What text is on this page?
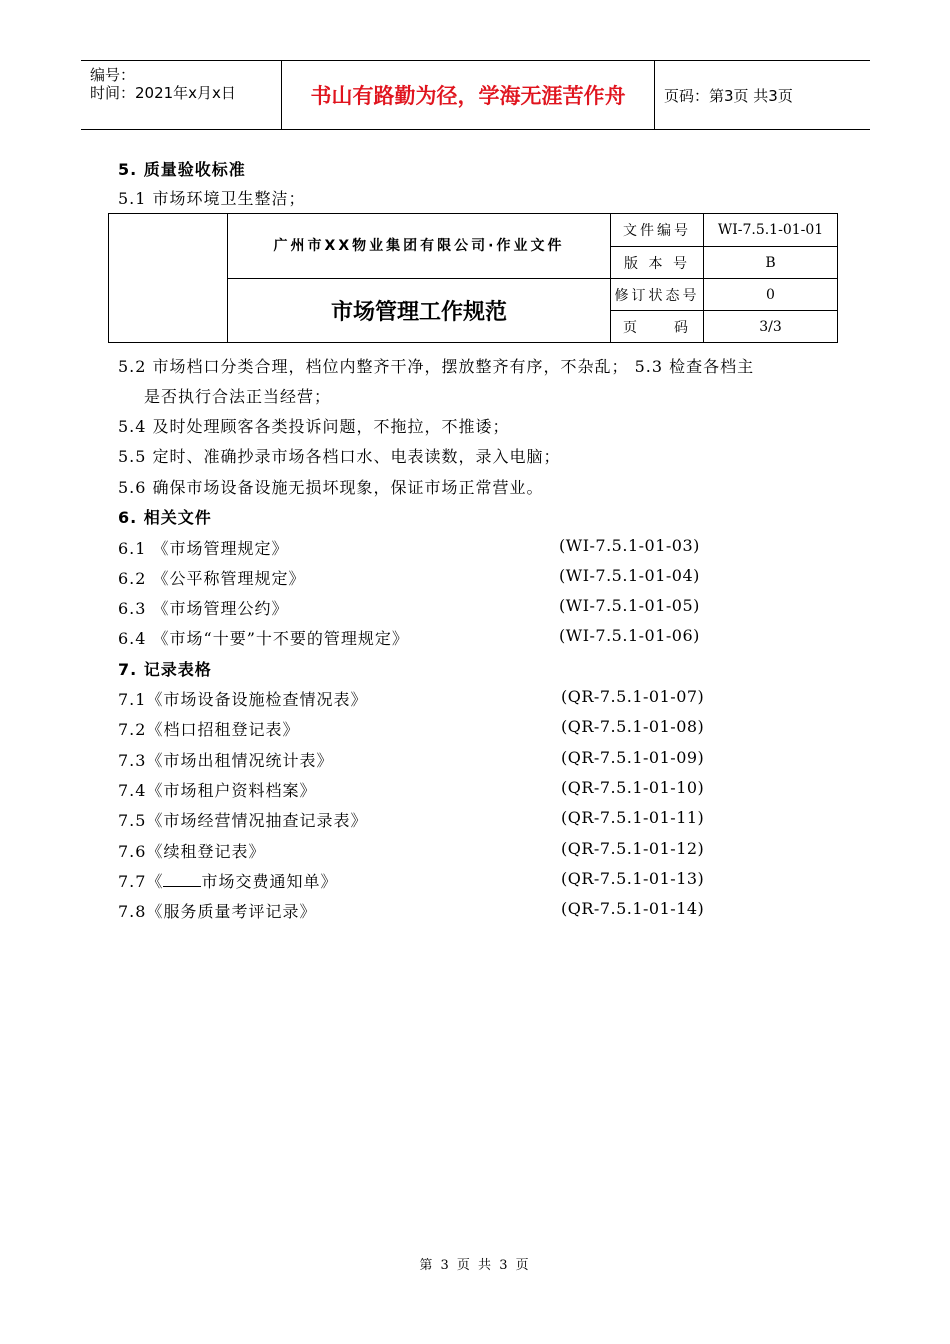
编号：
时间：2021年x月x日	书山有路勤为径，学海无涯苦作舟	页码：第3页 共3页
5. 质量验收标准
5.1 市场环境卫生整洁；
	广州市XX物业集团有限公司·作业文件	文件编号	WI-7.5.1-01-01
		版 本 号	B
	市场管理工作规范	修订状态号	0
		页　　码	3/3
5.2 市场档口分类合理，档位内整齐干净，摆放整齐有序，不杂乱； 5.3 检查各档主
是否执行合法正当经营；
5.4 及时处理顾客各类投诉问题，不拖拉，不推诿；
5.5 定时、准确抄录市场各档口水、电表读数，录入电脑；
5.6 确保市场设备设施无损坏现象，保证市场正常营业。
6. 相关文件
6.1 《市场管理规定》	(WI-7.5.1-01-03)
6.2 《公平称管理规定》	(WI-7.5.1-01-04)
6.3 《市场管理公约》	(WI-7.5.1-01-05)
6.4 《市场“十要”十不要的管理规定》	(WI-7.5.1-01-06)
7. 记录表格
7.1《市场设备设施检查情况表》	(QR-7.5.1-01-07)
7.2《档口招租登记表》	(QR-7.5.1-01-08)
7.3《市场出租情况统计表》	(QR-7.5.1-01-09)
7.4《市场租户资料档案》	(QR-7.5.1-01-10)
7.5《市场经营情况抽查记录表》	(QR-7.5.1-01-11)
7.6《续租登记表》	(QR-7.5.1-01-12)
7.7《 市场交费通知单》	(QR-7.5.1-01-13)
7.8《服务质量考评记录》	(QR-7.5.1-01-14)
第 3 页 共 3 页
